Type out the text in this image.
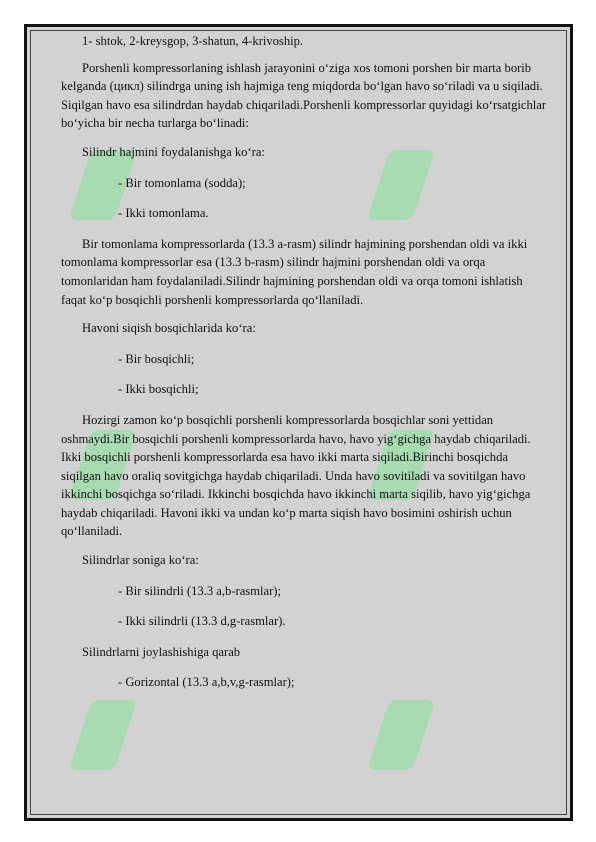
1- shtok, 2-kreysgop, 3-shatun, 4-krivoship.

Porshenli kompressorlaning ishlash jarayonini o‘ziga xos tomoni porshen bir marta borib kelganda (цикл) silindrga uning ish hajmiga teng miqdorda bo‘lgan havo so‘riladi va u siqiladi. Siqilgan havo esa silindrdan haydab chiqariladi.Porshenli kompressorlar quyidagi ko‘rsatgichlar bo‘yicha bir necha turlarga bo‘linadi:

Silindr hajmini foydalanishga ko‘ra:

- Bir tomonlama (sodda);

- Ikki tomonlama.

Bir tomonlama kompressorlarda (13.3 a-rasm) silindr hajmining porshendan oldi va ikki tomonlama kompressorlar esa (13.3 b-rasm) silindr hajmini porshendan oldi va orqa tomonlaridan ham foydalaniladi.Silindr hajmining porshendan oldi va orqa tomoni ishlatish faqat ko‘p bosqichli porshenli kompressorlarda qo‘llaniladi.

Havoni siqish bosqichlarida ko‘ra:

- Bir bosqichli;

- Ikki bosqichli;

Hozirgi zamon ko‘p bosqichli porshenli kompressorlarda bosqichlar soni yettidan oshmaydi.Bir bosqichli porshenli kompressorlarda havo, havo yig‘gichga haydab chiqariladi. Ikki bosqichli porshenli kompressorlarda esa havo ikki marta siqiladi.Birinchi bosqichda siqilgan havo oraliq sovitgichga haydab chiqariladi. Unda havo sovitiladi va sovitilgan havo ikkinchi bosqichga so‘riladi. Ikkinchi bosqichda havo ikkinchi marta siqilib, havo yig‘gichga haydab chiqariladi. Havoni ikki va undan ko‘p marta siqish havo bosimini oshirish uchun qo‘llaniladi.

Silindrlar soniga ko‘ra:

- Bir silindrli (13.3 a,b-rasmlar);

- Ikki silindrli (13.3 d,g-rasmlar).

Silindrlarni joylashishiga qarab

- Gorizontal (13.3 a,b,v,g-rasmlar);
